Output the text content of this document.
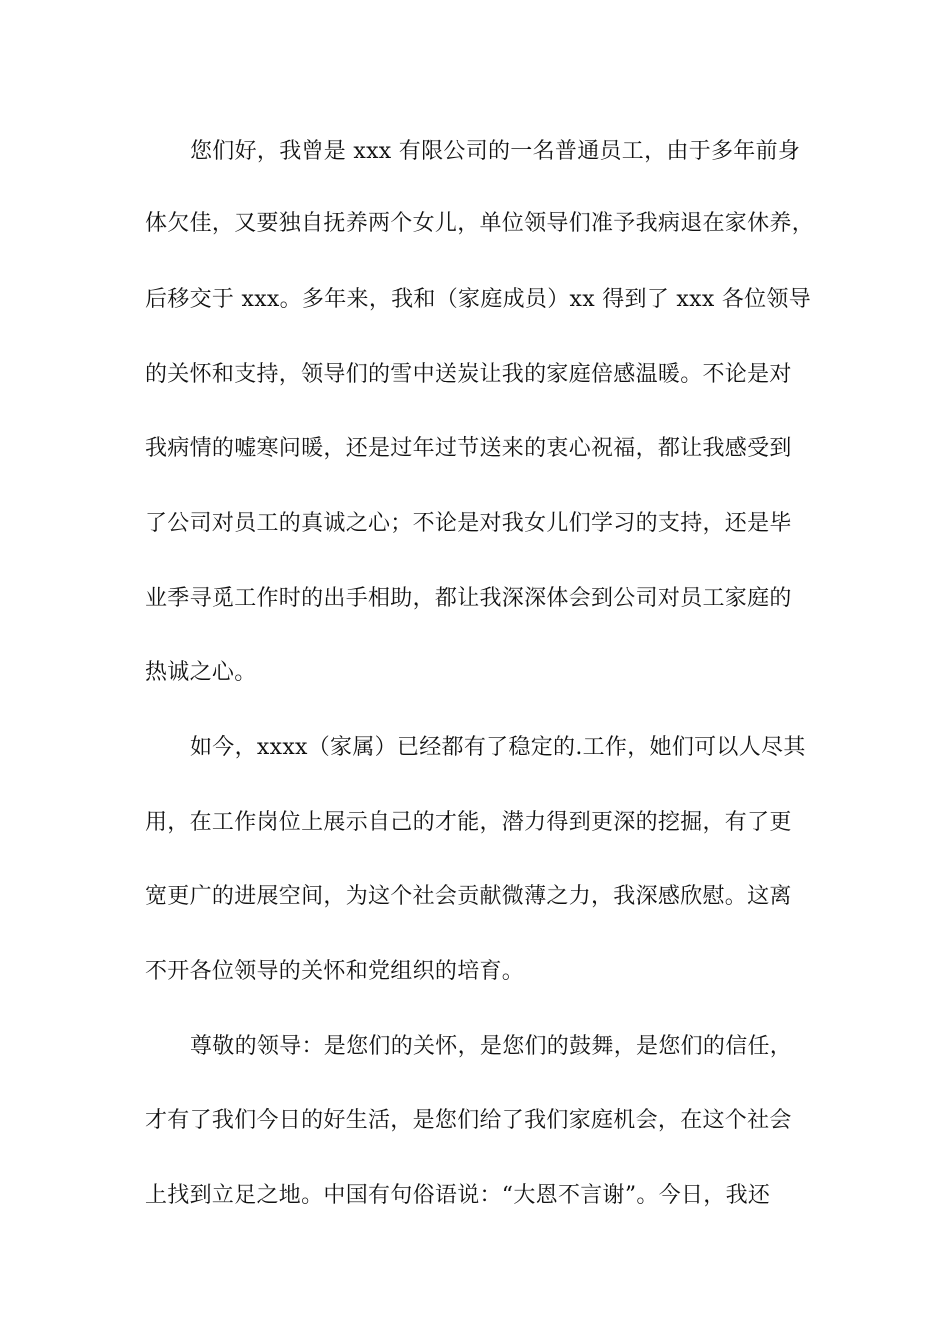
您们好，我曾是 xxx 有限公司的一名普通员工，由于多年前身
体欠佳，又要独自抚养两个女儿，单位领导们准予我病退在家休养，
后移交于 xxx。多年来，我和（家庭成员）xx 得到了 xxx 各位领导
的关怀和支持，领导们的雪中送炭让我的家庭倍感温暖。不论是对
我病情的嘘寒问暖，还是过年过节送来的衷心祝福，都让我感受到
了公司对员工的真诚之心；不论是对我女儿们学习的支持，还是毕
业季寻觅工作时的出手相助，都让我深深体会到公司对员工家庭的
热诚之心。
如今，xxxx（家属）已经都有了稳定的.工作，她们可以人尽其
用，在工作岗位上展示自己的才能，潜力得到更深的挖掘，有了更
宽更广的进展空间，为这个社会贡献微薄之力，我深感欣慰。这离
不开各位领导的关怀和党组织的培育。
尊敬的领导：是您们的关怀，是您们的鼓舞，是您们的信任，
才有了我们今日的好生活，是您们给了我们家庭机会，在这个社会
上找到立足之地。中国有句俗语说：“大恩不言谢”。今日，我还
